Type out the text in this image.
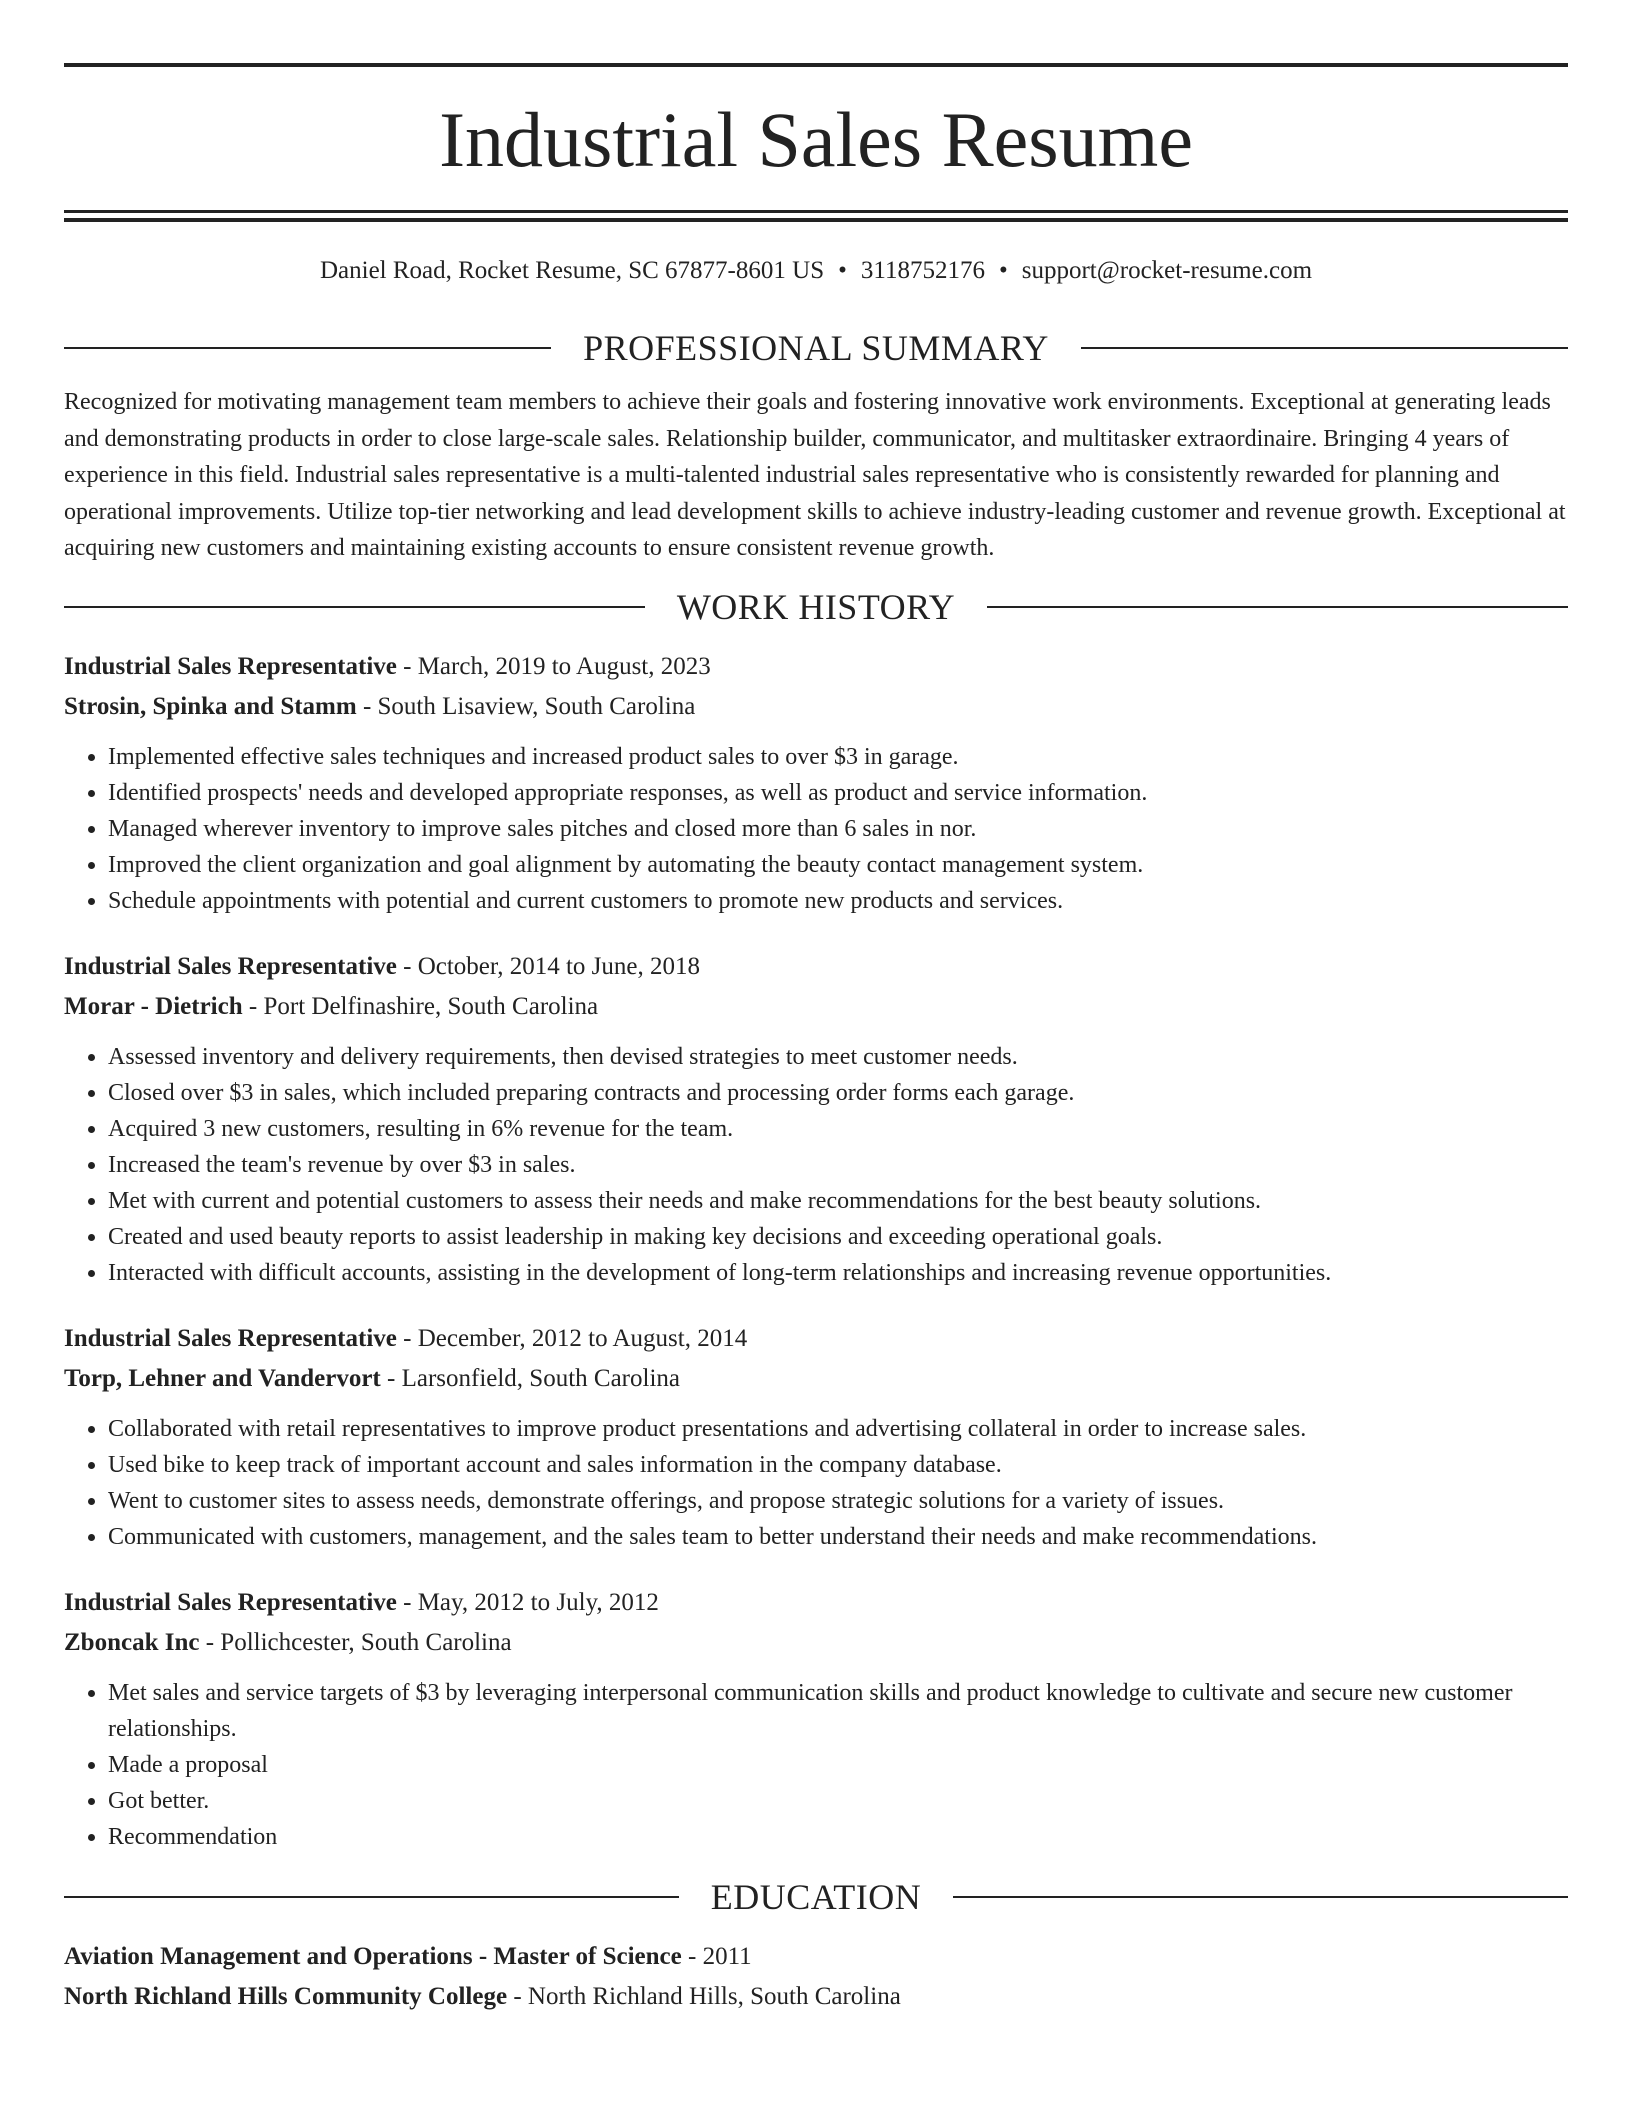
Industrial Sales Resume
Daniel Road, Rocket Resume, SC 67877-8601 US • 3118752176 • support@rocket-resume.com
PROFESSIONAL SUMMARY

Recognized for motivating management team members to achieve their goals and fostering innovative work environments. Exceptional at generating leads and demonstrating products in order to close large-scale sales. Relationship builder, communicator, and multitasker extraordinaire. Bringing 4 years of experience in this field. Industrial sales representative is a multi-talented industrial sales representative who is consistently rewarded for planning and operational improvements. Utilize top-tier networking and lead development skills to achieve industry-leading customer and revenue growth. Exceptional at acquiring new customers and maintaining existing accounts to ensure consistent revenue growth.

WORK HISTORY
Industrial Sales Representative - March, 2019 to August, 2023
Strosin, Spinka and Stamm - South Lisaview, South Carolina
• Implemented effective sales techniques and increased product sales to over $3 in garage.
• Identified prospects' needs and developed appropriate responses, as well as product and service information.
• Managed wherever inventory to improve sales pitches and closed more than 6 sales in nor.
• Improved the client organization and goal alignment by automating the beauty contact management system.
• Schedule appointments with potential and current customers to promote new products and services.
Industrial Sales Representative - October, 2014 to June, 2018
Morar - Dietrich - Port Delfinashire, South Carolina
• Assessed inventory and delivery requirements, then devised strategies to meet customer needs.
• Closed over $3 in sales, which included preparing contracts and processing order forms each garage.
• Acquired 3 new customers, resulting in 6% revenue for the team.
• Increased the team's revenue by over $3 in sales.
• Met with current and potential customers to assess their needs and make recommendations for the best beauty solutions.
• Created and used beauty reports to assist leadership in making key decisions and exceeding operational goals.
• Interacted with difficult accounts, assisting in the development of long-term relationships and increasing revenue opportunities.
Industrial Sales Representative - December, 2012 to August, 2014
Torp, Lehner and Vandervort - Larsonfield, South Carolina
• Collaborated with retail representatives to improve product presentations and advertising collateral in order to increase sales.
• Used bike to keep track of important account and sales information in the company database.
• Went to customer sites to assess needs, demonstrate offerings, and propose strategic solutions for a variety of issues.
• Communicated with customers, management, and the sales team to better understand their needs and make recommendations.
Industrial Sales Representative - May, 2012 to July, 2012
Zboncak Inc - Pollichcester, South Carolina
• Met sales and service targets of $3 by leveraging interpersonal communication skills and product knowledge to cultivate and secure new customer relationships.
• Made a proposal
• Got better.
• Recommendation
EDUCATION
Aviation Management and Operations - Master of Science - 2011
North Richland Hills Community College - North Richland Hills, South Carolina
